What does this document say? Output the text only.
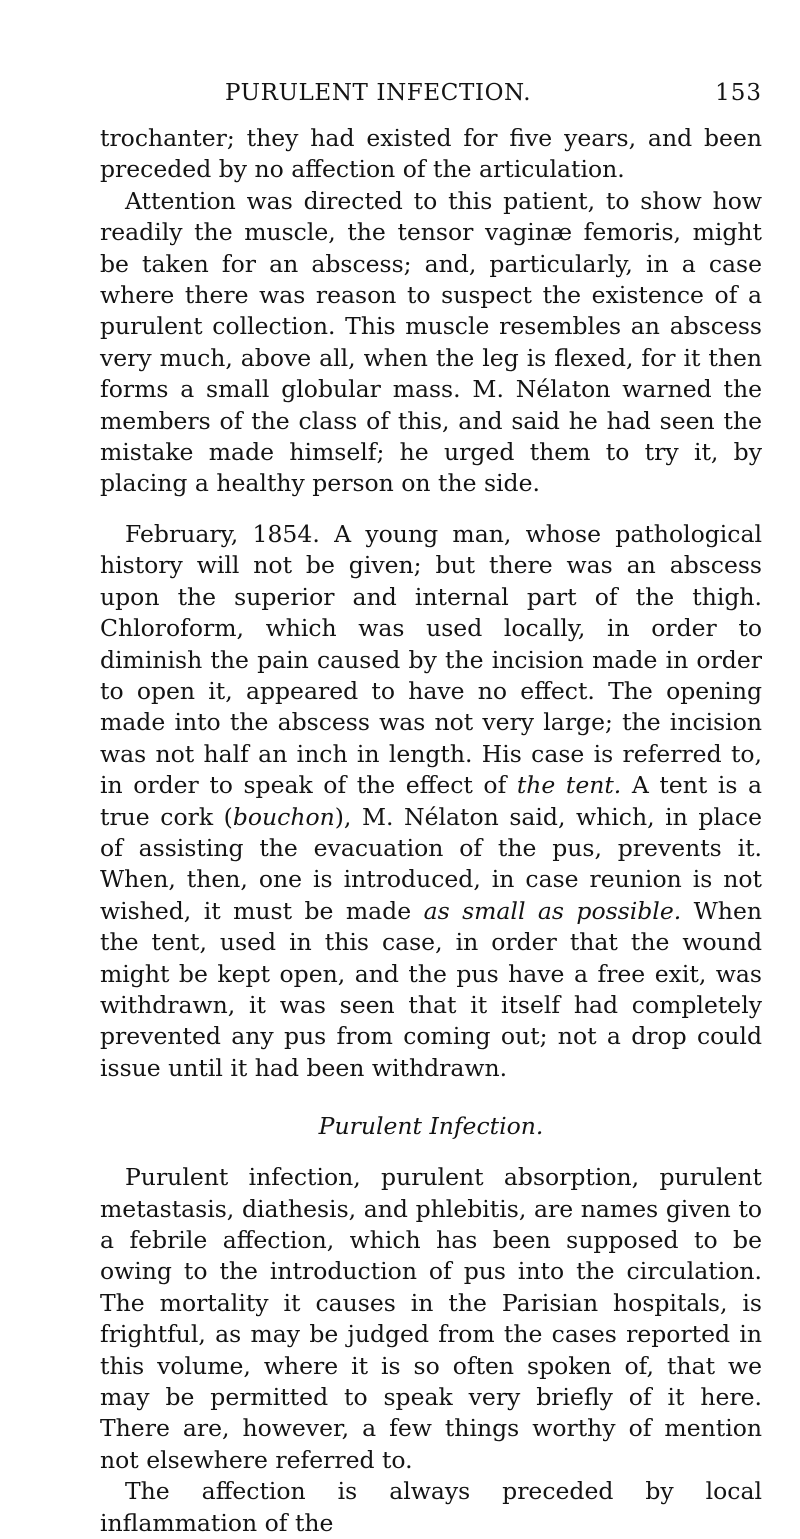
PURULENT INFECTION.	153

trochanter; they had existed for five years, and been preceded by no affection of the articulation.

Attention was directed to this patient, to show how readily the muscle, the tensor vaginæ femoris, might be taken for an abscess; and, particularly, in a case where there was reason to suspect the existence of a purulent collection. This muscle resembles an abscess very much, above all, when the leg is flexed, for it then forms a small globular mass. M. Nélaton warned the members of the class of this, and said he had seen the mistake made himself; he urged them to try it, by placing a healthy person on the side.

February, 1854. A young man, whose pathological history will not be given; but there was an abscess upon the superior and internal part of the thigh. Chloroform, which was used locally, in order to diminish the pain caused by the incision made in order to open it, appeared to have no effect. The opening made into the abscess was not very large; the incision was not half an inch in length. His case is referred to, in order to speak of the effect of the tent. A tent is a true cork (bouchon), M. Nélaton said, which, in place of assisting the evacuation of the pus, prevents it. When, then, one is introduced, in case reunion is not wished, it must be made as small as possible. When the tent, used in this case, in order that the wound might be kept open, and the pus have a free exit, was withdrawn, it was seen that it itself had completely prevented any pus from coming out; not a drop could issue until it had been withdrawn.

Purulent Infection.

Purulent infection, purulent absorption, purulent metastasis, diathesis, and phlebitis, are names given to a febrile affection, which has been supposed to be owing to the introduction of pus into the circulation. The mortality it causes in the Parisian hospitals, is frightful, as may be judged from the cases reported in this volume, where it is so often spoken of, that we may be permitted to speak very briefly of it here. There are, however, a few things worthy of mention not elsewhere referred to.

The affection is always preceded by local inflammation of the
